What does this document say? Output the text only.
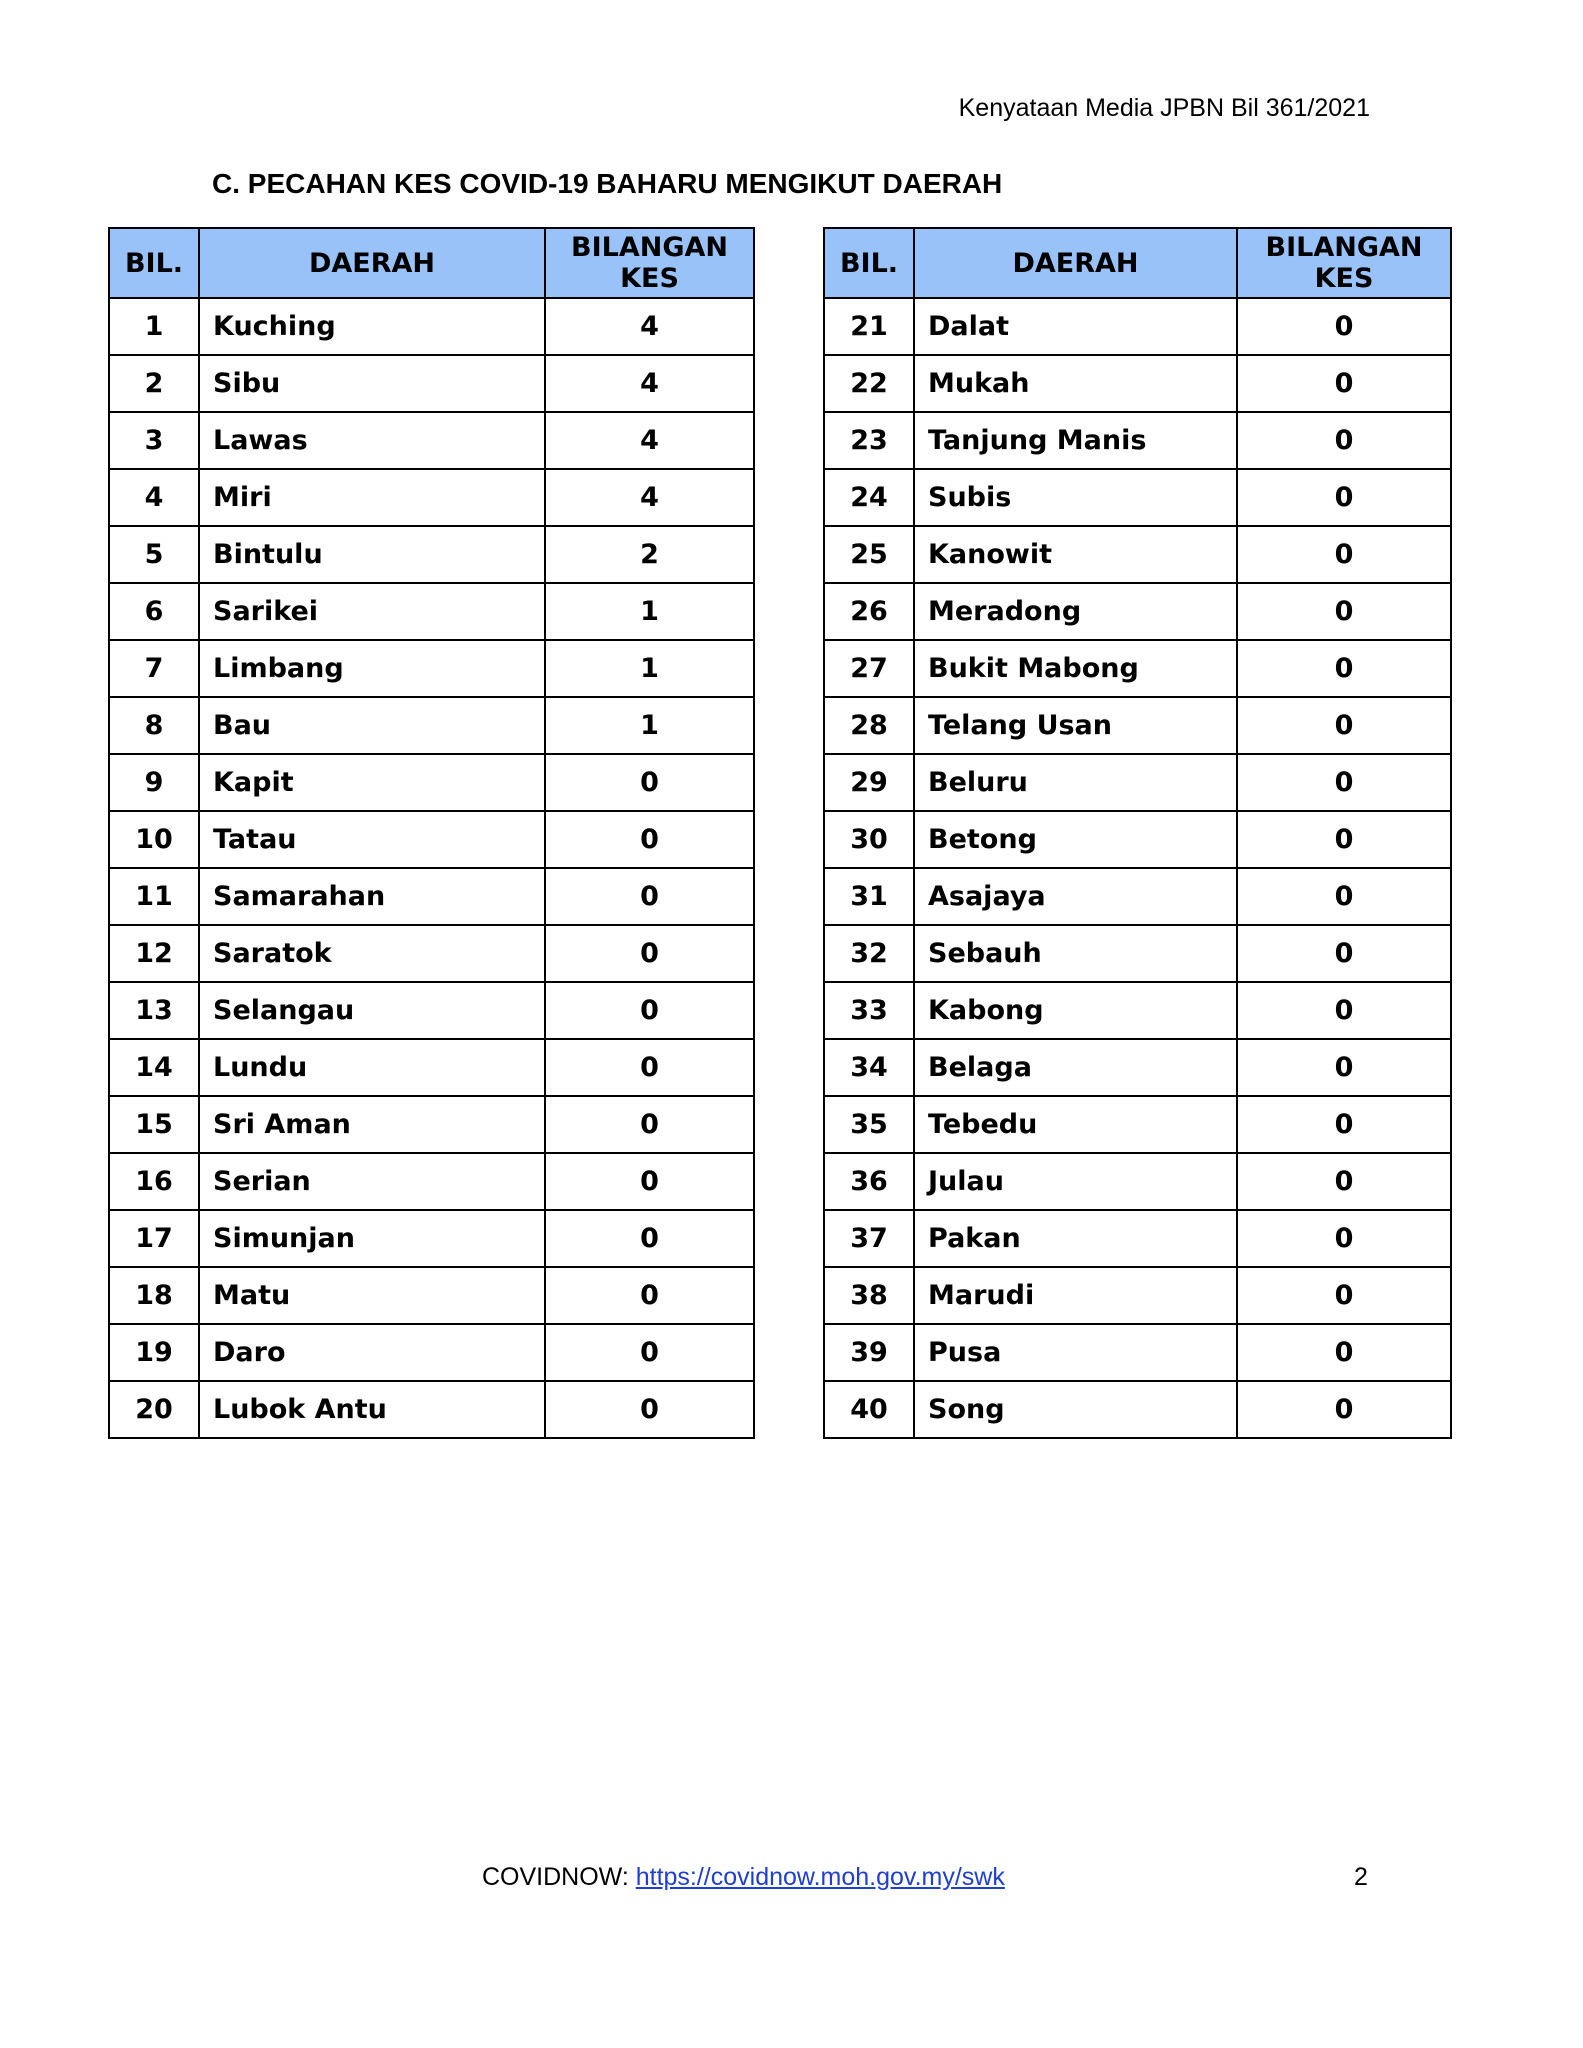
Kenyataan Media JPBN Bil 361/2021
C. PECAHAN KES COVID-19 BAHARU MENGIKUT DAERAH
BIL.	DAERAH	BILANGAN
KES
1	Kuching	4
2	Sibu	4
3	Lawas	4
4	Miri	4
5	Bintulu	2
6	Sarikei	1
7	Limbang	1
8	Bau	1
9	Kapit	0
10	Tatau	0
11	Samarahan	0
12	Saratok	0
13	Selangau	0
14	Lundu	0
15	Sri Aman	0
16	Serian	0
17	Simunjan	0
18	Matu	0
19	Daro	0
20	Lubok Antu	0
BIL.	DAERAH	BILANGAN
KES
21	Dalat	0
22	Mukah	0
23	Tanjung Manis	0
24	Subis	0
25	Kanowit	0
26	Meradong	0
27	Bukit Mabong	0
28	Telang Usan	0
29	Beluru	0
30	Betong	0
31	Asajaya	0
32	Sebauh	0
33	Kabong	0
34	Belaga	0
35	Tebedu	0
36	Julau	0
37	Pakan	0
38	Marudi	0
39	Pusa	0
40	Song	0
COVIDNOW: https://covidnow.moh.gov.my/swk	2
